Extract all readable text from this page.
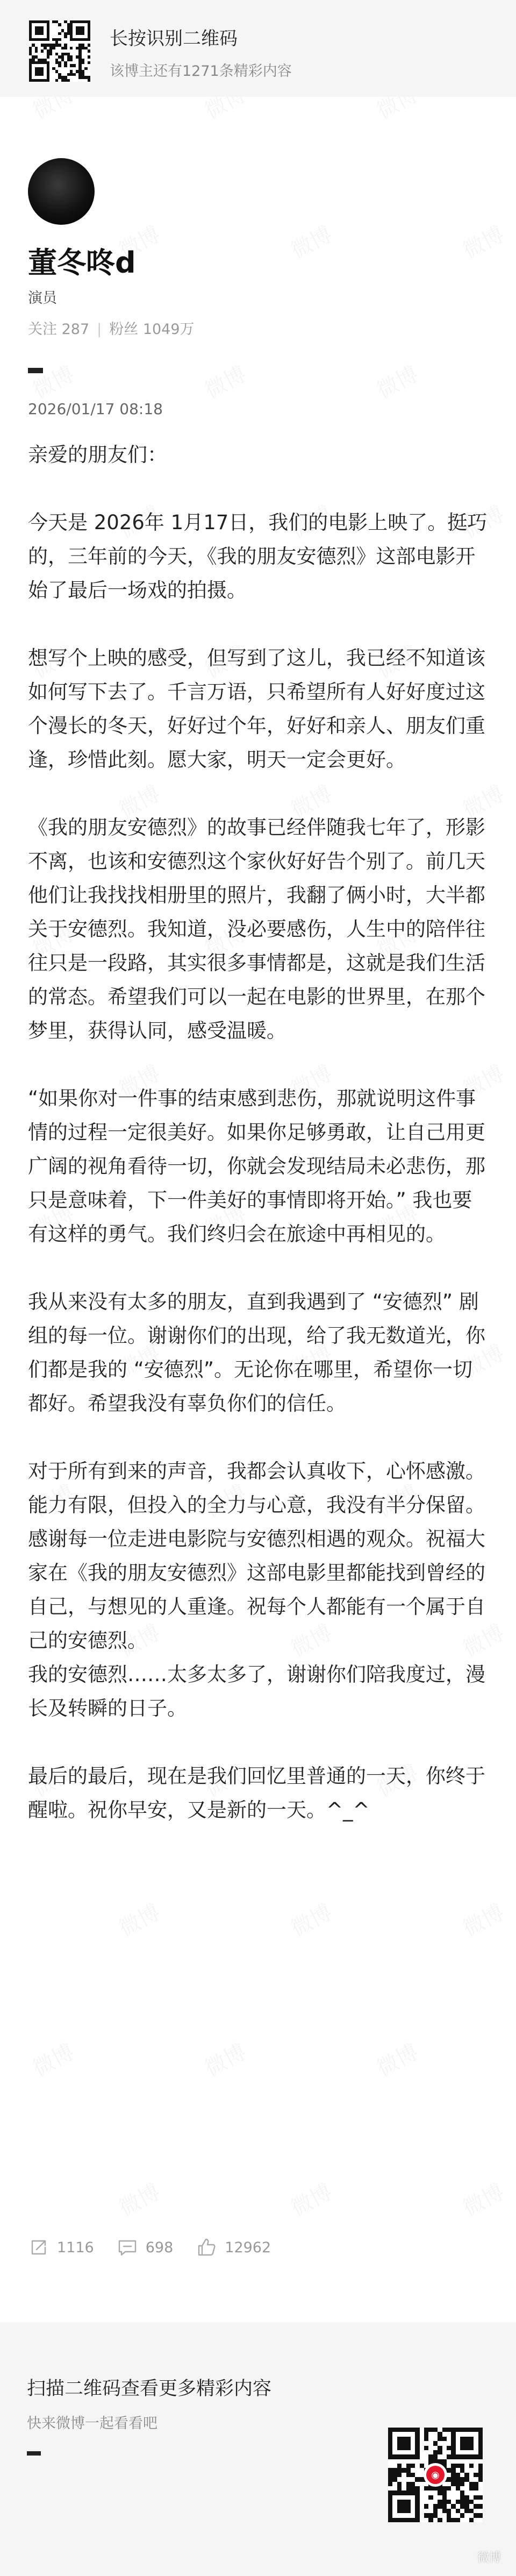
长按识别二维码
该博主还有1271条精彩内容
董冬咚d
演员
关注 287 | 粉丝 1049万
2026/01/17 08:18

亲爱的朋友们：

今天是 2026年 1月17日，我们的电影上映了。挺巧的，三年前的今天，《我的朋友安德烈》这部电影开始了最后一场戏的拍摄。

想写个上映的感受，但写到了这儿，我已经不知道该如何写下去了。千言万语，只希望所有人好好度过这个漫长的冬天，好好过个年，好好和亲人、朋友们重逢，珍惜此刻。愿大家，明天一定会更好。

《我的朋友安德烈》的故事已经伴随我七年了，形影不离，也该和安德烈这个家伙好好告个别了。前几天他们让我找找相册里的照片，我翻了俩小时，大半都关于安德烈。我知道，没必要感伤，人生中的陪伴往往只是一段路，其实很多事情都是，这就是我们生活的常态。希望我们可以一起在电影的世界里，在那个梦里，获得认同，感受温暖。

“如果你对一件事的结束感到悲伤，那就说明这件事情的过程一定很美好。如果你足够勇敢，让自己用更广阔的视角看待一切，你就会发现结局未必悲伤，那只是意味着，下一件美好的事情即将开始。” 我也要有这样的勇气。我们终归会在旅途中再相见的。

我从来没有太多的朋友，直到我遇到了 “安德烈” 剧组的每一位。谢谢你们的出现，给了我无数道光，你们都是我的 “安德烈”。无论你在哪里，希望你一切都好。希望我没有辜负你们的信任。

对于所有到来的声音，我都会认真收下，心怀感激。能力有限，但投入的全力与心意，我没有半分保留。感谢每一位走进电影院与安德烈相遇的观众。祝福大家在《我的朋友安德烈》这部电影里都能找到曾经的自己，与想见的人重逢。祝每个人都能有一个属于自己的安德烈。

我的安德烈……太多太多了，谢谢你们陪我度过，漫长及转瞬的日子。

最后的最后，现在是我们回忆里普通的一天，你终于醒啦。祝你早安，又是新的一天。^_^

1116	698	12962
扫描二维码查看更多精彩内容
快来微博一起看看吧
◉
微博
